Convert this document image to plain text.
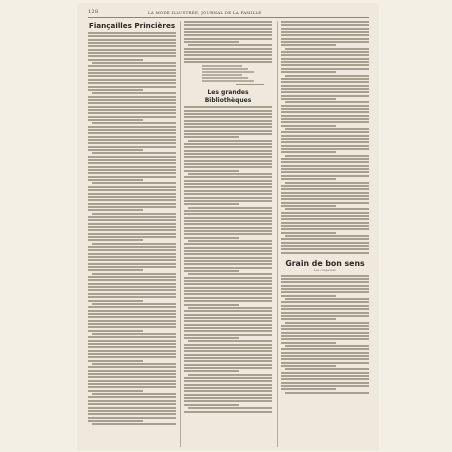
128	LA MODE ILLUSTRÉE, JOURNAL DE LA FAMILLE
Fiançailles Princières
Les grandes Bibliothèques
Grain de bon sens
Les coupeuses
